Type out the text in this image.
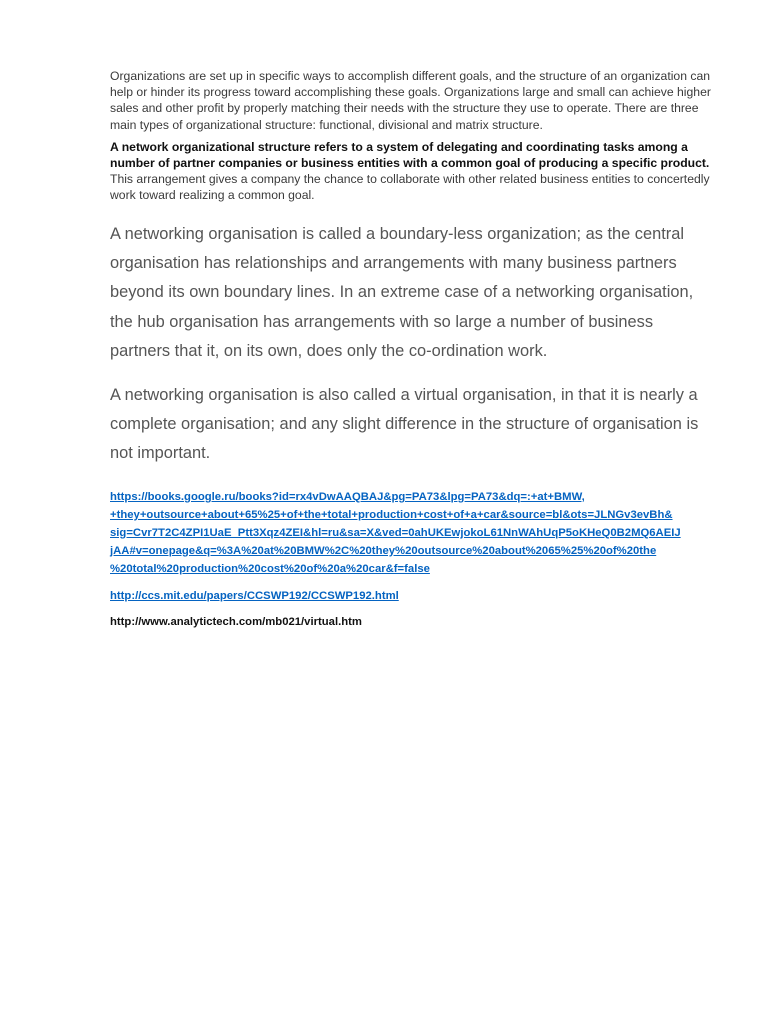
Organizations are set up in specific ways to accomplish different goals, and the structure of an organization can help or hinder its progress toward accomplishing these goals. Organizations large and small can achieve higher sales and other profit by properly matching their needs with the structure they use to operate. There are three main types of organizational structure: functional, divisional and matrix structure.

A network organizational structure refers to a system of delegating and coordinating tasks among a number of partner companies or business entities with a common goal of producing a specific product. This arrangement gives a company the chance to collaborate with other related business entities to concertedly work toward realizing a common goal.

A networking organisation is called a boundary-less organization; as the central organisation has relationships and arrangements with many business partners beyond its own boundary lines. In an extreme case of a networking organisation, the hub organisation has arrangements with so large a number of business partners that it, on its own, does only the co-ordination work.

A networking organisation is also called a virtual organisation, in that it is nearly a complete organisation; and any slight difference in the structure of organisation is not important.

https://books.google.ru/books?id=rx4vDwAAQBAJ&pg=PA73&lpg=PA73&dq=:+at+BMW,
+they+outsource+about+65%25+of+the+total+production+cost+of+a+car&source=bl&ots=JLNGv3evBh&
sig=Cvr7T2C4ZPI1UaE_Ptt3Xqz4ZEI&hl=ru&sa=X&ved=0ahUKEwjokoL61NnWAhUqP5oKHeQ0B2MQ6AEIJ
jAA#v=onepage&q=%3A%20at%20BMW%2C%20they%20outsource%20about%2065%25%20of%20the
%20total%20production%20cost%20of%20a%20car&f=false
http://ccs.mit.edu/papers/CCSWP192/CCSWP192.html
http://www.analytictech.com/mb021/virtual.htm
